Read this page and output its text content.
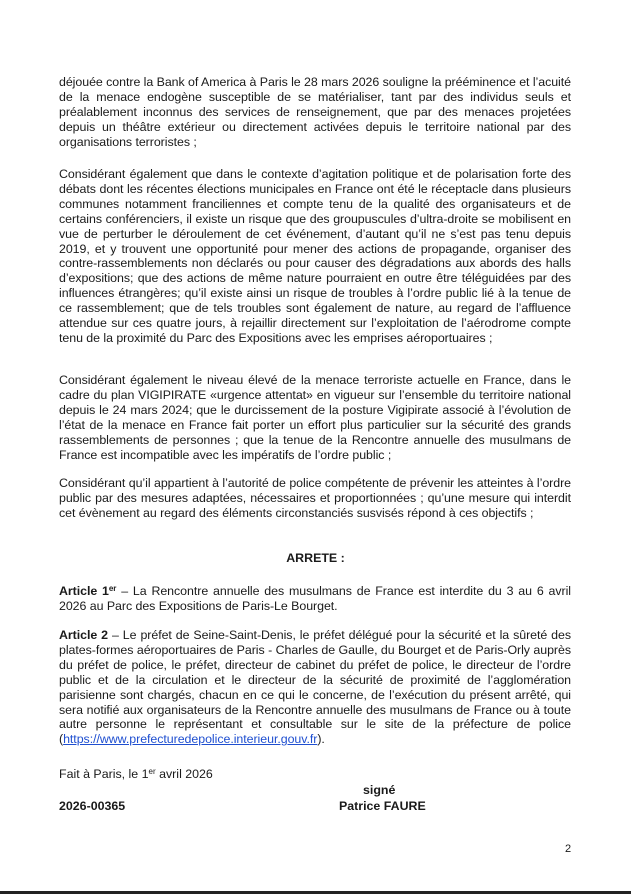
déjouée contre la Bank of America à Paris le 28 mars 2026 souligne la prééminence et l’acuité de la menace endogène susceptible de se matérialiser, tant par des individus seuls et préalablement inconnus des services de renseignement, que par des menaces projetées depuis un théâtre extérieur ou directement activées depuis le territoire national par des organisations terroristes ;
Considérant également que dans le contexte d’agitation politique et de polarisation forte des débats dont les récentes élections municipales en France ont été le réceptacle dans plusieurs communes notamment franciliennes et compte tenu de la qualité des organisateurs et de certains conférenciers, il existe un risque que des groupuscules d’ultra-droite se mobilisent en vue de perturber le déroulement de cet événement, d’autant qu’il ne s’est pas tenu depuis 2019, et y trouvent une opportunité pour mener des actions de propagande, organiser des contre-rassemblements non déclarés ou pour causer des dégradations aux abords des halls d’expositions; que des actions de même nature pourraient en outre être téléguidées par des influences étrangères; qu’il existe ainsi un risque de troubles à l’ordre public lié à la tenue de ce rassemblement; que de tels troubles sont également de nature, au regard de l’affluence attendue sur ces quatre jours, à rejaillir directement sur l’exploitation de l’aérodrome compte tenu de la proximité du Parc des Expositions avec les emprises aéroportuaires ;
Considérant également le niveau élevé de la menace terroriste actuelle en France, dans le cadre du plan VIGIPIRATE «urgence attentat» en vigueur sur l’ensemble du territoire national depuis le 24 mars 2024; que le durcissement de la posture Vigipirate associé à l’évolution de l’état de la menace en France fait porter un effort plus particulier sur la sécurité des grands rassemblements de personnes ; que la tenue de la Rencontre annuelle des musulmans de France est incompatible avec les impératifs de l’ordre public ;
Considérant qu’il appartient à l’autorité de police compétente de prévenir les atteintes à l’ordre public par des mesures adaptées, nécessaires et proportionnées ; qu’une mesure qui interdit cet évènement au regard des éléments circonstanciés susvisés répond à ces objectifs ;
ARRETE :
Article 1er – La Rencontre annuelle des musulmans de France est interdite du 3 au 6 avril 2026 au Parc des Expositions de Paris-Le Bourget.
Article 2 – Le préfet de Seine-Saint-Denis, le préfet délégué pour la sécurité et la sûreté des plates-formes aéroportuaires de Paris - Charles de Gaulle, du Bourget et de Paris-Orly auprès du préfet de police, le préfet, directeur de cabinet du préfet de police, le directeur de l’ordre public et de la circulation et le directeur de la sécurité de proximité de l’agglomération parisienne sont chargés, chacun en ce qui le concerne, de l’exécution du présent arrêté, qui sera notifié aux organisateurs de la Rencontre annuelle des musulmans de France ou à toute autre personne le représentant et consultable sur le site de la préfecture de police (https://www.prefecturedepolice.interieur.gouv.fr).
Fait à Paris, le 1er avril 2026
signé
2026-00365	Patrice FAURE
2
